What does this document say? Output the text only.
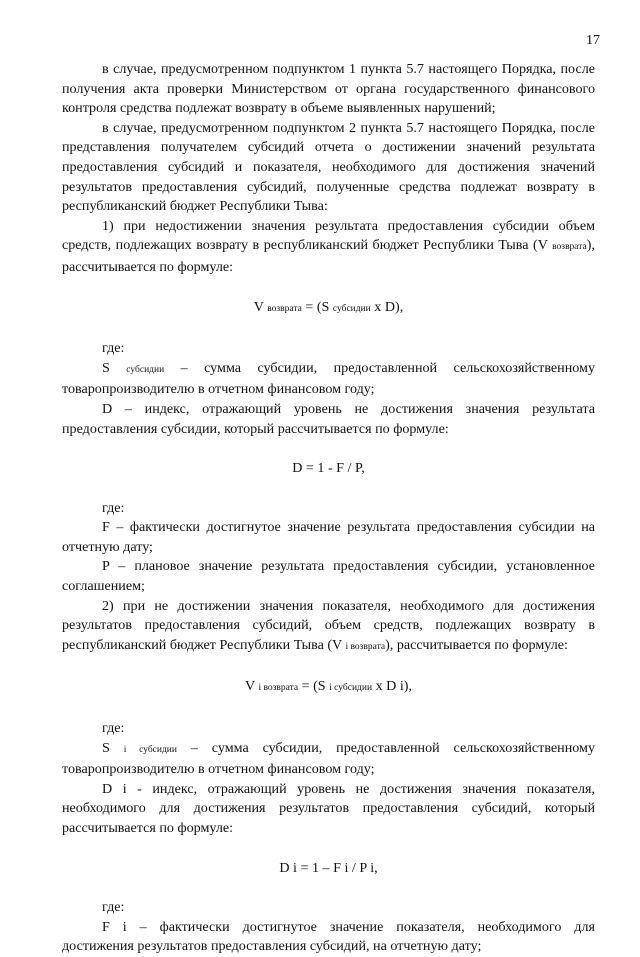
17

в случае, предусмотренном подпунктом 1 пункта 5.7 настоящего Порядка, после получения акта проверки Министерством от органа государственного финансового контроля средства подлежат возврату в объеме выявленных нарушений;

в случае, предусмотренном подпунктом 2 пункта 5.7 настоящего Порядка, после представления получателем субсидий отчета о достижении значений результата предоставления субсидий и показателя, необходимого для достижения значений результатов предоставления субсидий, полученные средства подлежат возврату в республиканский бюджет Республики Тыва:

1) при недостижении значения результата предоставления субсидии объем средств, подлежащих возврату в республиканский бюджет Республики Тыва (V возврата), рассчитывается по формуле:

V возврата = (S субсидии х D),

где:

S субсидии – сумма субсидии, предоставленной сельскохозяйственному товаропроизводителю в отчетном финансовом году;

D – индекс, отражающий уровень не достижения значения результата предоставления субсидии, который рассчитывается по формуле:

D = 1 - F / P,

где:

F – фактически достигнутое значение результата предоставления субсидии на отчетную дату;

P – плановое значение результата предоставления субсидии, установленное соглашением;

2) при не достижении значения показателя, необходимого для достижения результатов предоставления субсидий, объем средств, подлежащих возврату в республиканский бюджет Республики Тыва (V i возврата), рассчитывается по формуле:

V i возврата = (S i субсидии х D i),

где:

S i субсидии – сумма субсидии, предоставленной сельскохозяйственному товаропроизводителю в отчетном финансовом году;

D i - индекс, отражающий уровень не достижения значения показателя, необходимого для достижения результатов предоставления субсидий, который рассчитывается по формуле:

D i = 1 – F i / P i,

где:

F i – фактически достигнутое значение показателя, необходимого для достижения результатов предоставления субсидий, на отчетную дату;
